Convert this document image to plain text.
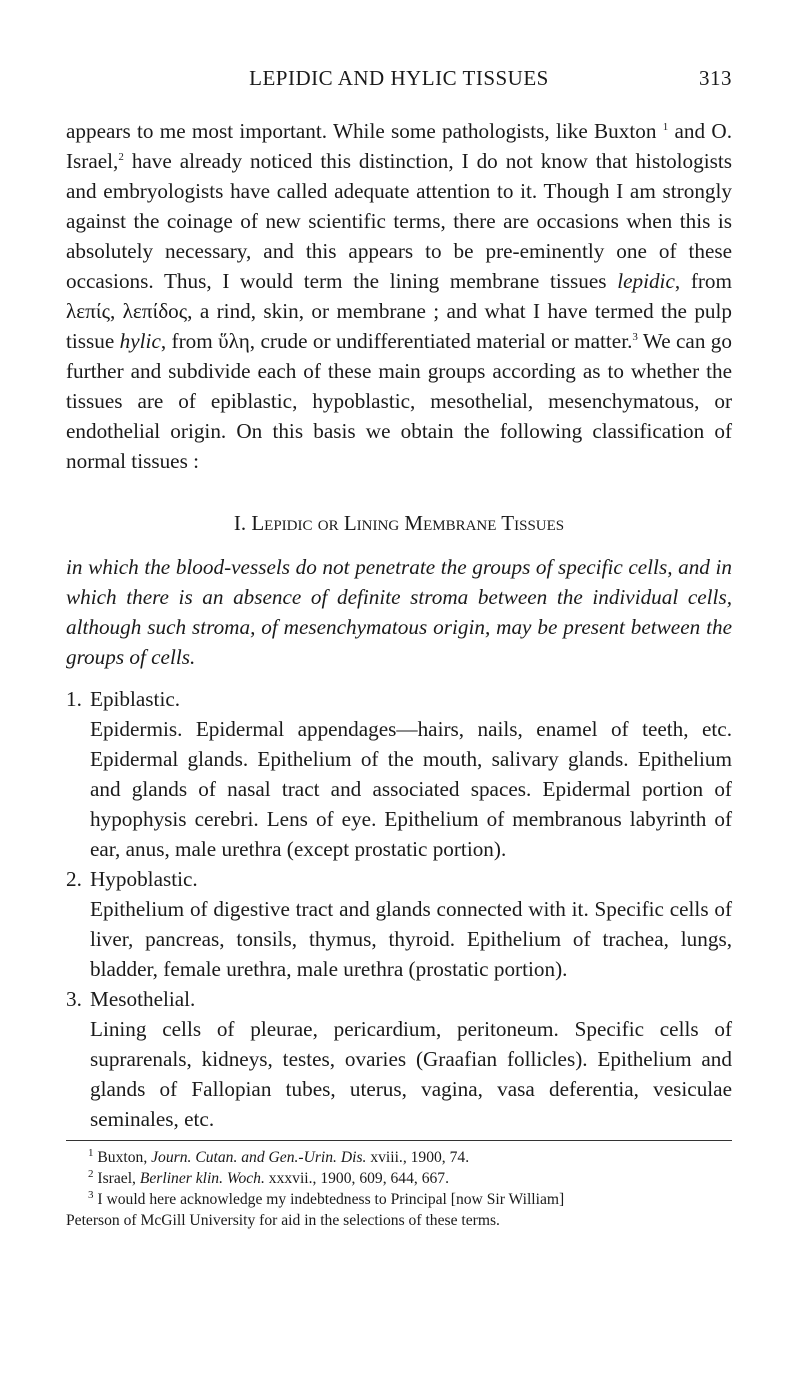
LEPIDIC AND HYLIC TISSUES	313

appears to me most important. While some pathologists, like Buxton $^1$ and O. Israel,$^2$ have already noticed this distinction, I do not know that histologists and embryologists have called adequate attention to it. Though I am strongly against the coinage of new scientific terms, there are occasions when this is absolutely necessary, and this appears to be pre-eminently one of these occasions. Thus, I would term the lining membrane tissues lepidic, from λεπίς, λεπίδος, a rind, skin, or membrane ; and what I have termed the pulp tissue hylic, from ὕλη, crude or undifferentiated material or matter.$^3$ We can go further and subdivide each of these main groups according as to whether the tissues are of epiblastic, hypoblastic, mesothelial, mesenchymatous, or endothelial origin. On this basis we obtain the following classification of normal tissues :

I. Lepidic or Lining Membrane Tissues

in which the blood-vessels do not penetrate the groups of specific cells, and in which there is an absence of definite stroma between the individual cells, although such stroma, of mesenchymatous origin, may be present between the groups of cells.

1. Epiblastic.
Epidermis. Epidermal appendages—hairs, nails, enamel of teeth, etc. Epidermal glands. Epithelium of the mouth, salivary glands. Epithelium and glands of nasal tract and associated spaces. Epidermal portion of hypophysis cerebri. Lens of eye. Epithelium of membranous labyrinth of ear, anus, male urethra (except prostatic portion).
2. Hypoblastic.
Epithelium of digestive tract and glands connected with it. Specific cells of liver, pancreas, tonsils, thymus, thyroid. Epithelium of trachea, lungs, bladder, female urethra, male urethra (prostatic portion).
3. Mesothelial.
Lining cells of pleurae, pericardium, peritoneum. Specific cells of suprarenals, kidneys, testes, ovaries (Graafian follicles). Epithelium and glands of Fallopian tubes, uterus, vagina, vasa deferentia, vesiculae seminales, etc.

$^1$ Buxton, Journ. Cutan. and Gen.-Urin. Dis. xviii., 1900, 74.

$^2$ Israel, Berliner klin. Woch. xxxvii., 1900, 609, 644, 667.

$^3$ I would here acknowledge my indebtedness to Principal [now Sir William]

Peterson of McGill University for aid in the selections of these terms.
